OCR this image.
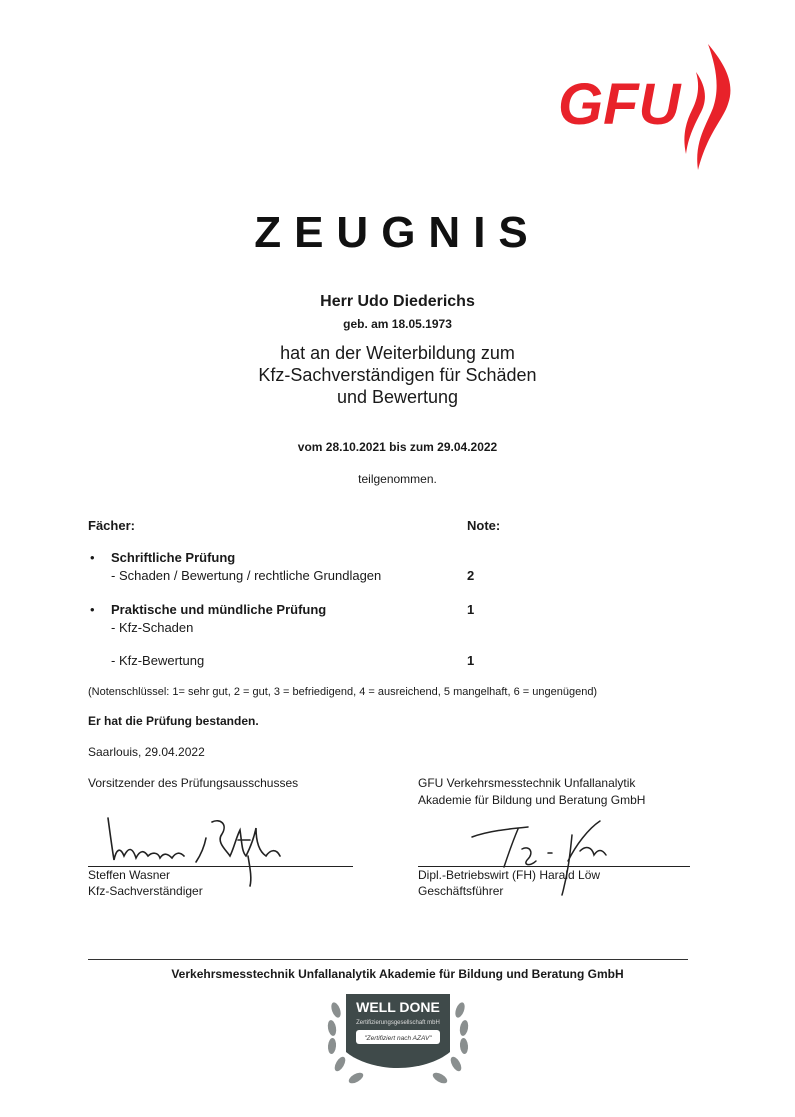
GFU
ZEUGNIS
Herr Udo Diederichs
geb. am 18.05.1973
hat an der Weiterbildung zum
Kfz-Sachverständigen für Schäden
und Bewertung
vom 28.10.2021 bis zum 29.04.2022
teilgenommen.
Fächer:	Note:
• Schriftliche Prüfung
- Schaden / Bewertung / rechtliche Grundlagen	2
• Praktische und mündliche Prüfung	1
- Kfz-Schaden
- Kfz-Bewertung	1
(Notenschlüssel: 1= sehr gut, 2 = gut, 3 = befriedigend, 4 = ausreichend, 5 mangelhaft, 6 = ungenügend)
Er hat die Prüfung bestanden.
Saarlouis, 29.04.2022
Vorsitzender des Prüfungsausschusses	GFU Verkehrsmesstechnik Unfallanalytik
Akademie für Bildung und Beratung GmbH
Steffen Wasner
Kfz-Sachverständiger
Dipl.-Betriebswirt (FH) Harald Löw
Geschäftsführer
Verkehrsmesstechnik Unfallanalytik Akademie für Bildung und Beratung GmbH
WELL DONE
Zertifizierungsgesellschaft mbH
"Zertifiziert nach AZAV"
